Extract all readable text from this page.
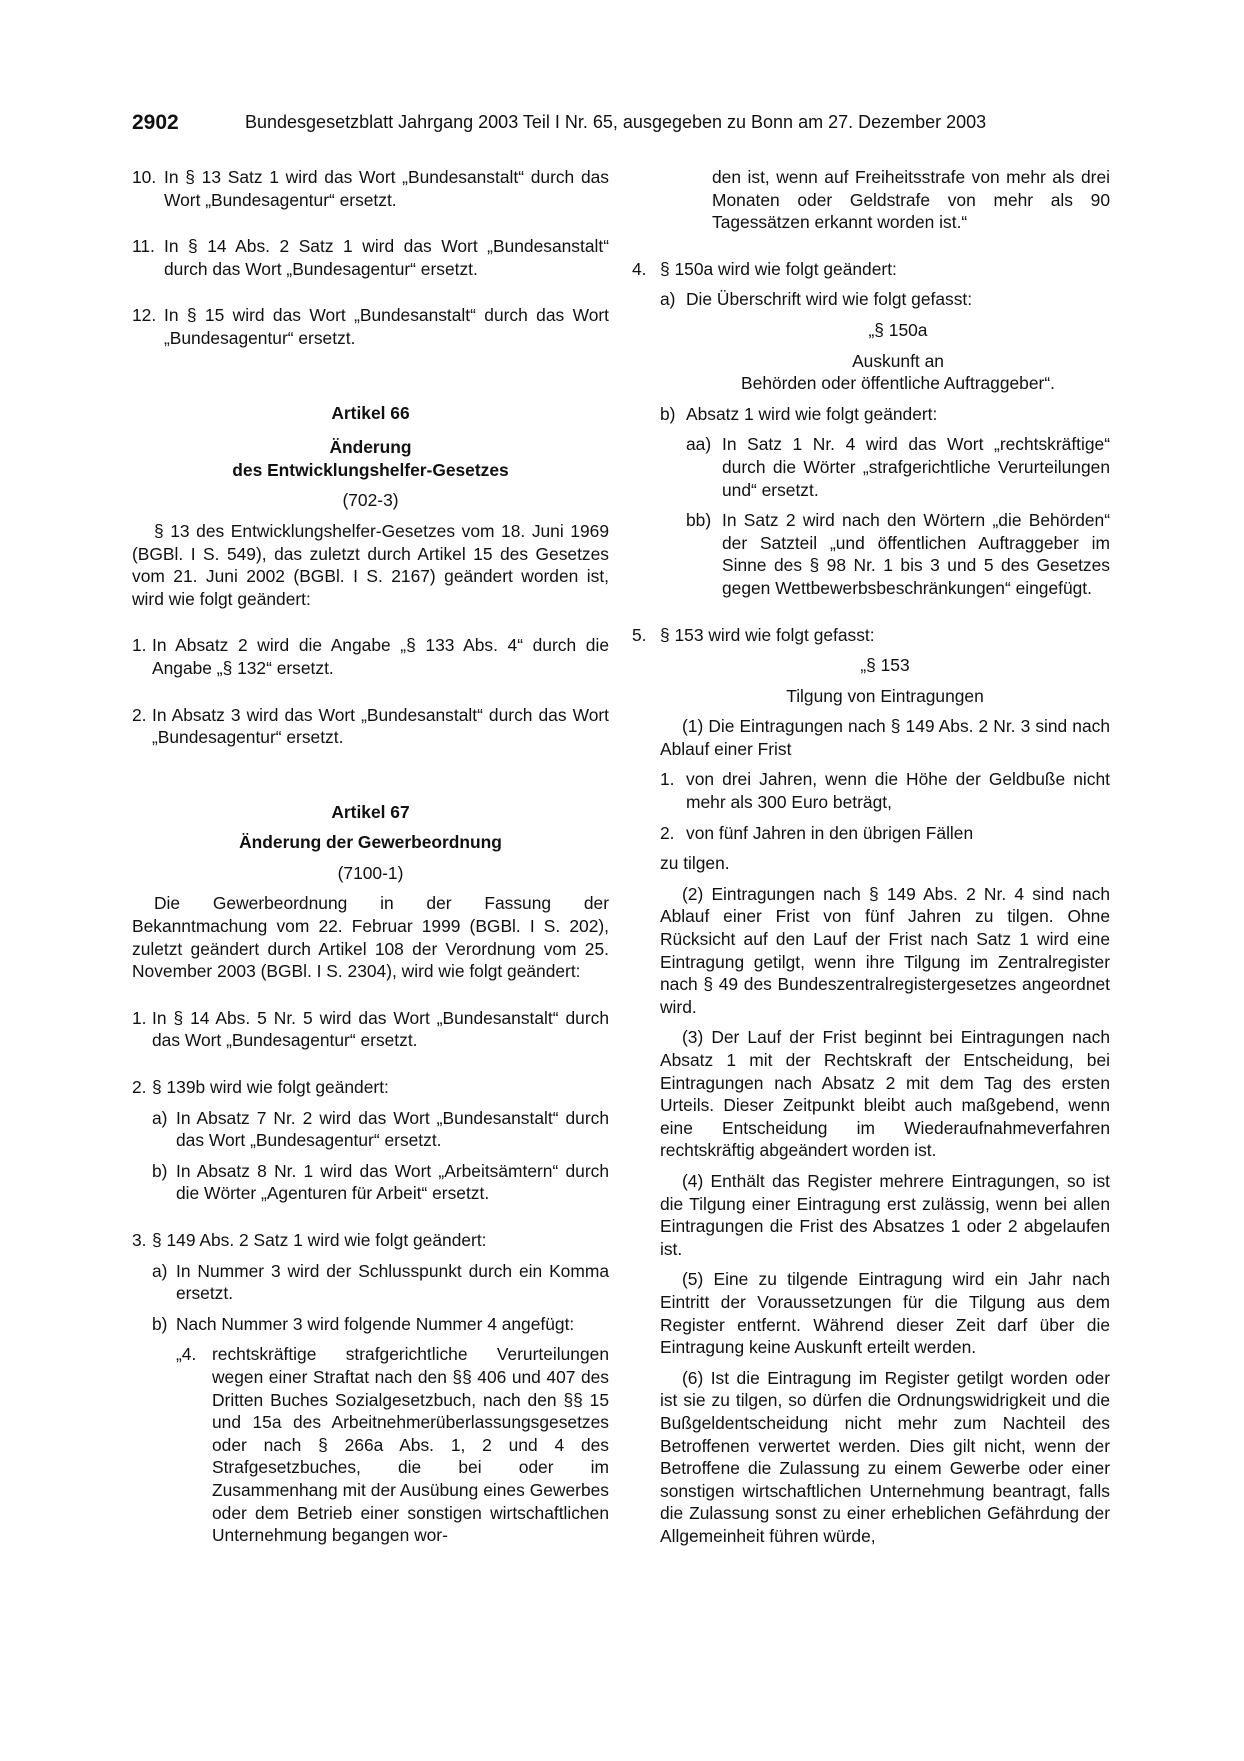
2902	Bundesgesetzblatt Jahrgang 2003 Teil I Nr. 65, ausgegeben zu Bonn am 27. Dezember 2003
10. In § 13 Satz 1 wird das Wort „Bundesanstalt“ durch das Wort „Bundesagentur“ ersetzt.
11. In § 14 Abs. 2 Satz 1 wird das Wort „Bundesanstalt“ durch das Wort „Bundesagentur“ ersetzt.
12. In § 15 wird das Wort „Bundesanstalt“ durch das Wort „Bundesagentur“ ersetzt.

Artikel 66

Änderung

des Entwicklungshelfer-Gesetzes

(702-3)

§ 13 des Entwicklungshelfer-Gesetzes vom 18. Juni 1969 (BGBl. I S. 549), das zuletzt durch Artikel 15 des Gesetzes vom 21. Juni 2002 (BGBl. I S. 2167) geändert worden ist, wird wie folgt geändert:

1. In Absatz 2 wird die Angabe „§ 133 Abs. 4“ durch die Angabe „§ 132“ ersetzt.
2. In Absatz 3 wird das Wort „Bundesanstalt“ durch das Wort „Bundesagentur“ ersetzt.

Artikel 67

Änderung der Gewerbeordnung

(7100-1)

Die Gewerbeordnung in der Fassung der Bekanntmachung vom 22. Februar 1999 (BGBl. I S. 202), zuletzt geändert durch Artikel 108 der Verordnung vom 25. November 2003 (BGBl. I S. 2304), wird wie folgt geändert:

1. In § 14 Abs. 5 Nr. 5 wird das Wort „Bundesanstalt“ durch das Wort „Bundesagentur“ ersetzt.
2. § 139b wird wie folgt geändert:
a) In Absatz 7 Nr. 2 wird das Wort „Bundesanstalt“ durch das Wort „Bundesagentur“ ersetzt.
b) In Absatz 8 Nr. 1 wird das Wort „Arbeitsämtern“ durch die Wörter „Agenturen für Arbeit“ ersetzt.
3. § 149 Abs. 2 Satz 1 wird wie folgt geändert:
a) In Nummer 3 wird der Schlusspunkt durch ein Komma ersetzt.
b) Nach Nummer 3 wird folgende Nummer 4 angefügt:
„4. rechtskräftige strafgerichtliche Verurteilungen wegen einer Straftat nach den §§ 406 und 407 des Dritten Buches Sozialgesetzbuch, nach den §§ 15 und 15a des Arbeitnehmerüberlassungsgesetzes oder nach § 266a Abs. 1, 2 und 4 des Strafgesetzbuches, die bei oder im Zusammenhang mit der Ausübung eines Gewerbes oder dem Betrieb einer sonstigen wirtschaftlichen Unternehmung begangen wor-

den ist, wenn auf Freiheitsstrafe von mehr als drei Monaten oder Geldstrafe von mehr als 90 Tagessätzen erkannt worden ist.“

4. § 150a wird wie folgt geändert:
a) Die Überschrift wird wie folgt gefasst:

„§ 150a

Auskunft an

Behörden oder öffentliche Auftraggeber“.

b) Absatz 1 wird wie folgt geändert:
aa) In Satz 1 Nr. 4 wird das Wort „rechtskräftige“ durch die Wörter „strafgerichtliche Verurteilungen und“ ersetzt.
bb) In Satz 2 wird nach den Wörtern „die Behörden“ der Satzteil „und öffentlichen Auftraggeber im Sinne des § 98 Nr. 1 bis 3 und 5 des Gesetzes gegen Wettbewerbsbeschränkungen“ eingefügt.
5. § 153 wird wie folgt gefasst:

„§ 153

Tilgung von Eintragungen

(1) Die Eintragungen nach § 149 Abs. 2 Nr. 3 sind nach Ablauf einer Frist

1. von drei Jahren, wenn die Höhe der Geldbuße nicht mehr als 300 Euro beträgt,
2. von fünf Jahren in den übrigen Fällen

zu tilgen.

(2) Eintragungen nach § 149 Abs. 2 Nr. 4 sind nach Ablauf einer Frist von fünf Jahren zu tilgen. Ohne Rücksicht auf den Lauf der Frist nach Satz 1 wird eine Eintragung getilgt, wenn ihre Tilgung im Zentralregister nach § 49 des Bundeszentralregistergesetzes angeordnet wird.

(3) Der Lauf der Frist beginnt bei Eintragungen nach Absatz 1 mit der Rechtskraft der Entscheidung, bei Eintragungen nach Absatz 2 mit dem Tag des ersten Urteils. Dieser Zeitpunkt bleibt auch maßgebend, wenn eine Entscheidung im Wiederaufnahmeverfahren rechtskräftig abgeändert worden ist.

(4) Enthält das Register mehrere Eintragungen, so ist die Tilgung einer Eintragung erst zulässig, wenn bei allen Eintragungen die Frist des Absatzes 1 oder 2 abgelaufen ist.

(5) Eine zu tilgende Eintragung wird ein Jahr nach Eintritt der Voraussetzungen für die Tilgung aus dem Register entfernt. Während dieser Zeit darf über die Eintragung keine Auskunft erteilt werden.

(6) Ist die Eintragung im Register getilgt worden oder ist sie zu tilgen, so dürfen die Ordnungswidrigkeit und die Bußgeldentscheidung nicht mehr zum Nachteil des Betroffenen verwertet werden. Dies gilt nicht, wenn der Betroffene die Zulassung zu einem Gewerbe oder einer sonstigen wirtschaftlichen Unternehmung beantragt, falls die Zulassung sonst zu einer erheblichen Gefährdung der Allgemeinheit führen würde,
